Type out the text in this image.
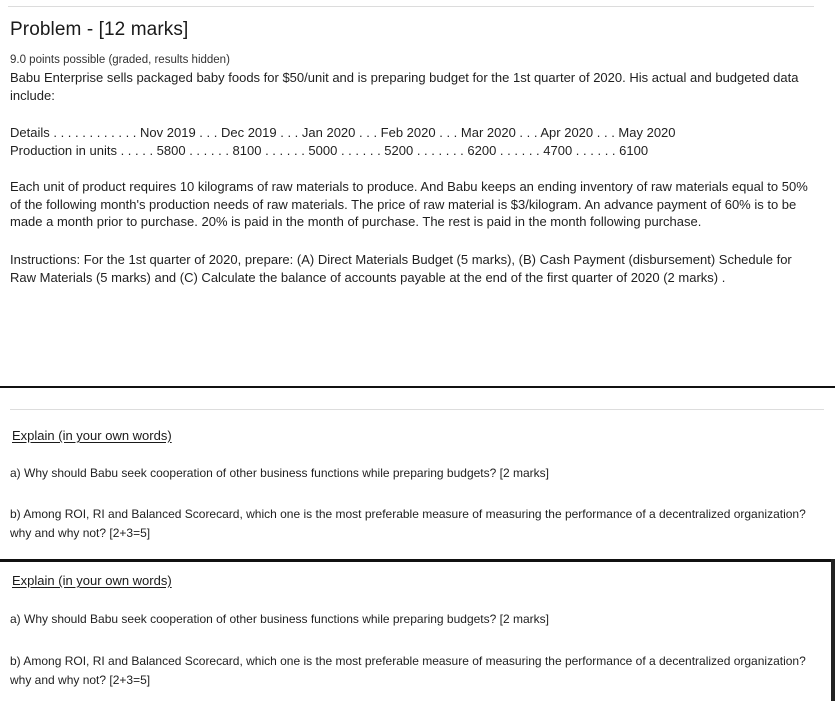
Problem - [12 marks]
9.0 points possible (graded, results hidden)
Babu Enterprise sells packaged baby foods for $50/unit and is preparing budget for the 1st quarter of 2020. His actual and budgeted data include:
Details . . . . . . . . . . . . Nov 2019 . . . Dec 2019 . . . Jan 2020 . . . Feb 2020 . . . Mar 2020 . . . Apr 2020 . . . May 2020
Production in units . . . . . 5800 . . . . . . 8100 . . . . . . 5000 . . . . . . 5200 . . . . . . . 6200 . . . . . . 4700 . . . . . . 6100
Each unit of product requires 10 kilograms of raw materials to produce. And Babu keeps an ending inventory of raw materials equal to 50% of the following month's production needs of raw materials. The price of raw material is $3/kilogram. An advance payment of 60% is to be made a month prior to purchase. 20% is paid in the month of purchase. The rest is paid in the month following purchase.
Instructions: For the 1st quarter of 2020, prepare: (A) Direct Materials Budget (5 marks), (B) Cash Payment (disbursement) Schedule for Raw Materials (5 marks) and (C) Calculate the balance of accounts payable at the end of the first quarter of 2020 (2 marks) .
Explain (in your own words)
a) Why should Babu seek cooperation of other business functions while preparing budgets? [2 marks]
b) Among ROI, RI and Balanced Scorecard, which one is the most preferable measure of measuring the performance of a decentralized organization? why and why not? [2+3=5]
Explain (in your own words)
a) Why should Babu seek cooperation of other business functions while preparing budgets? [2 marks]
b) Among ROI, RI and Balanced Scorecard, which one is the most preferable measure of measuring the performance of a decentralized organization? why and why not? [2+3=5]
